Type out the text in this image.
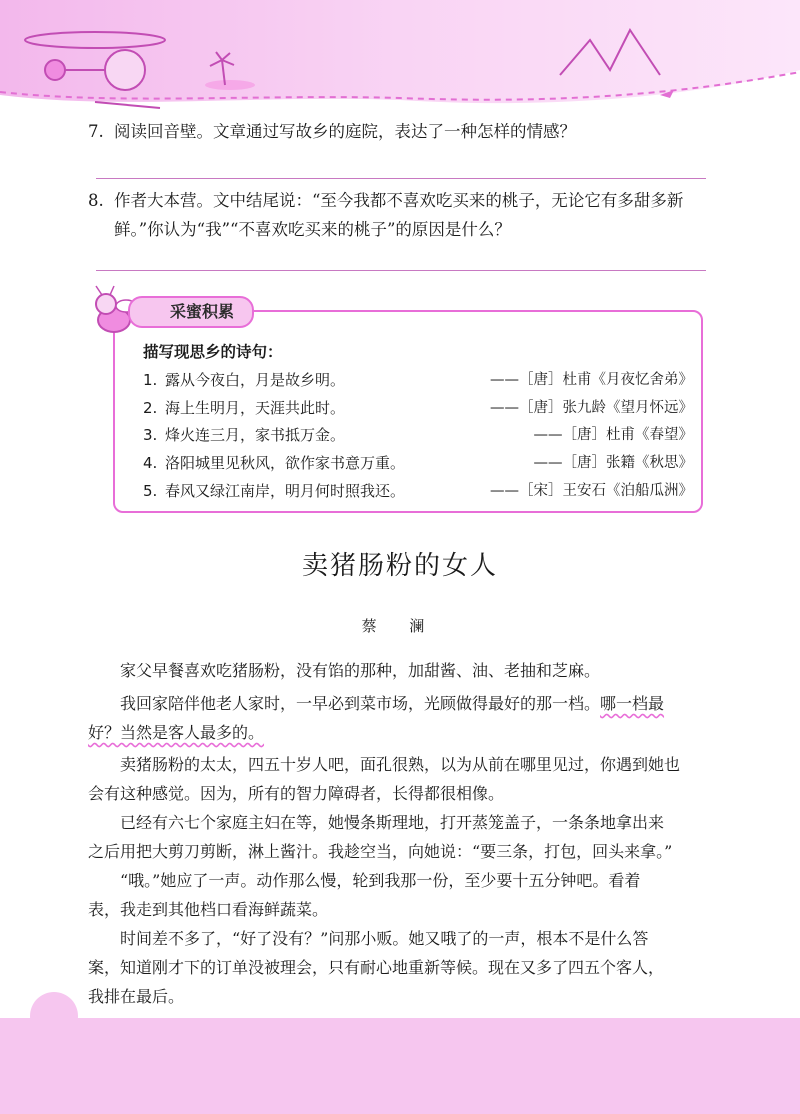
7. 阅读回音壁。文章通过写故乡的庭院，表达了一种怎样的情感？
8. 作者大本营。文中结尾说：“至今我都不喜欢吃买来的桃子，无论它有多甜多新
鲜。”你认为“我”“不喜欢吃买来的桃子”的原因是什么？
采蜜积累
描写现思乡的诗句：
1. 露从今夜白，月是故乡明。	——［唐］杜甫《月夜忆舍弟》
2. 海上生明月，天涯共此时。	——［唐］张九龄《望月怀远》
3. 烽火连三月，家书抵万金。	——［唐］杜甫《春望》
4. 洛阳城里见秋风，欲作家书意万重。	——［唐］张籍《秋思》
5. 春风又绿江南岸，明月何时照我还。	——［宋］王安石《泊船瓜洲》
卖猪肠粉的女人
蔡 澜
家父早餐喜欢吃猪肠粉，没有馅的那种，加甜酱、油、老抽和芝麻。
我回家陪伴他老人家时，一早必到菜市场，光顾做得最好的那一档。哪一档最
好？当然是客人最多的。
卖猪肠粉的太太，四五十岁人吧，面孔很熟，以为从前在哪里见过，你遇到她也
会有这种感觉。因为，所有的智力障碍者，长得都很相像。
已经有六七个家庭主妇在等，她慢条斯理地，打开蒸笼盖子，一条条地拿出来
之后用把大剪刀剪断，淋上酱汁。我趁空当，向她说：“要三条，打包，回头来拿。”
“哦。”她应了一声。动作那么慢，轮到我那一份，至少要十五分钟吧。看着
表，我走到其他档口看海鲜蔬菜。
时间差不多了，“好了没有？”问那小贩。她又哦了的一声，根本不是什么答
案，知道刚才下的订单没被理会，只有耐心地重新等候。现在又多了四五个客人，
我排在最后。
